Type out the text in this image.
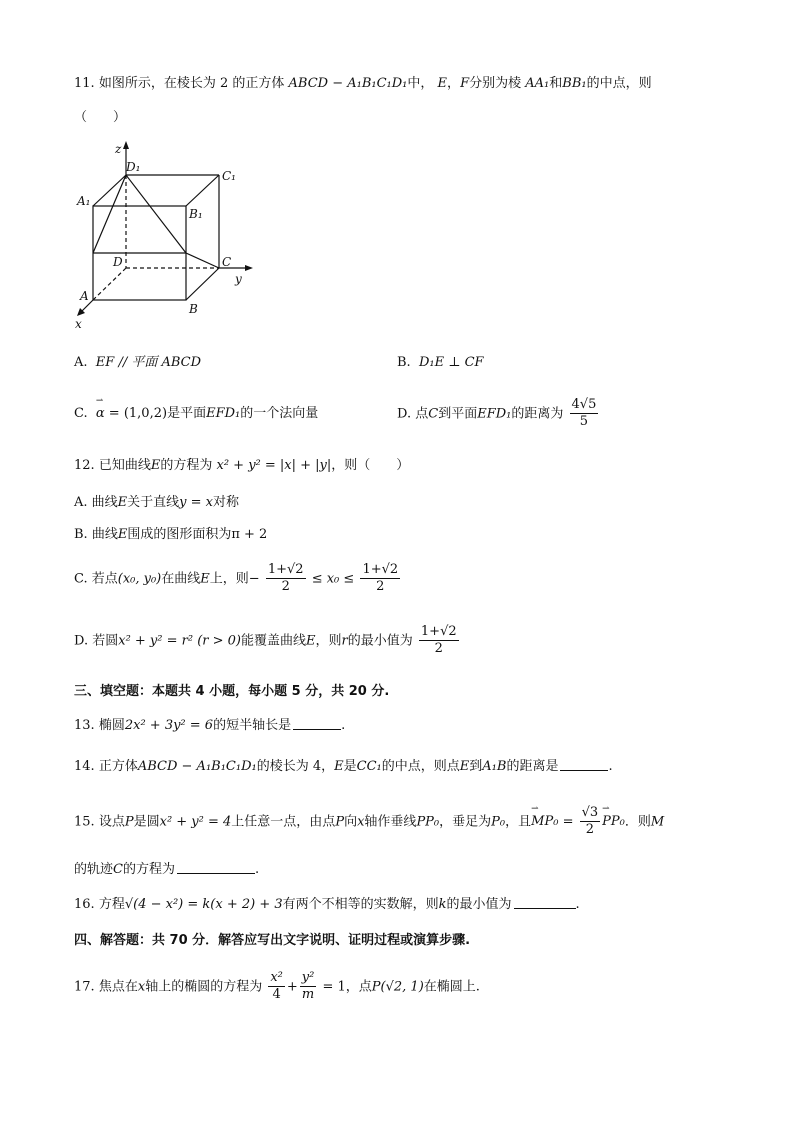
11. 如图所示，在棱长为 2 的正方体 ABCD − A₁B₁C₁D₁中， E，F分别为棱 AA₁和BB₁的中点，则
（　　）
z
D₁
C₁
A₁
B₁
D	C
y
A
B
x
A. EF // 平面 ABCD	B. D₁E ⊥ CF
C. ⇀ α = (1,0,2)是平面EFD₁的一个法向量	D. 点C到平面EFD₁的距离为 $\frac{4√5}{5}$
12. 已知曲线E的方程为 x² + y² = |x| + |y|，则（　　）
A. 曲线E关于直线y = x对称
B. 曲线E围成的图形面积为π + 2
C. 若点(x₀, y₀)在曲线E上，则− $\frac{1+√2}{2} \le x_0 \le \frac{1+√2}{2}$
D. 若圆x² + y² = r² (r > 0)能覆盖曲线E，则r的最小值为 $\frac{1+√2}{2}$
三、填空题：本题共 4 小题，每小题 5 分，共 20 分.
13. 椭圆2x² + 3y² = 6的短半轴长是	.
14. 正方体ABCD − A₁B₁C₁D₁的棱长为 4，E是CC₁的中点，则点E到A₁B的距离是	.
15. 设点P是圆x² + y² = 4上任意一点，由点P向x轴作垂线PP₀，垂足为P₀，且⇀ $MP_0 = \frac{√3}{2}$ ⇀ PP₀．则M
的轨迹C的方程为	.
16. 方程√(4 − x²) = k(x + 2) + 3有两个不相等的实数解，则k的最小值为	.
四、解答题：共 70 分．解答应写出文字说明、证明过程或演算步骤.
17. 焦点在x轴上的椭圆的方程为 $\frac{\text{x²}}{4} + \frac{\text{y²}}{m} = 1$，点P(√2, 1)在椭圆上.
